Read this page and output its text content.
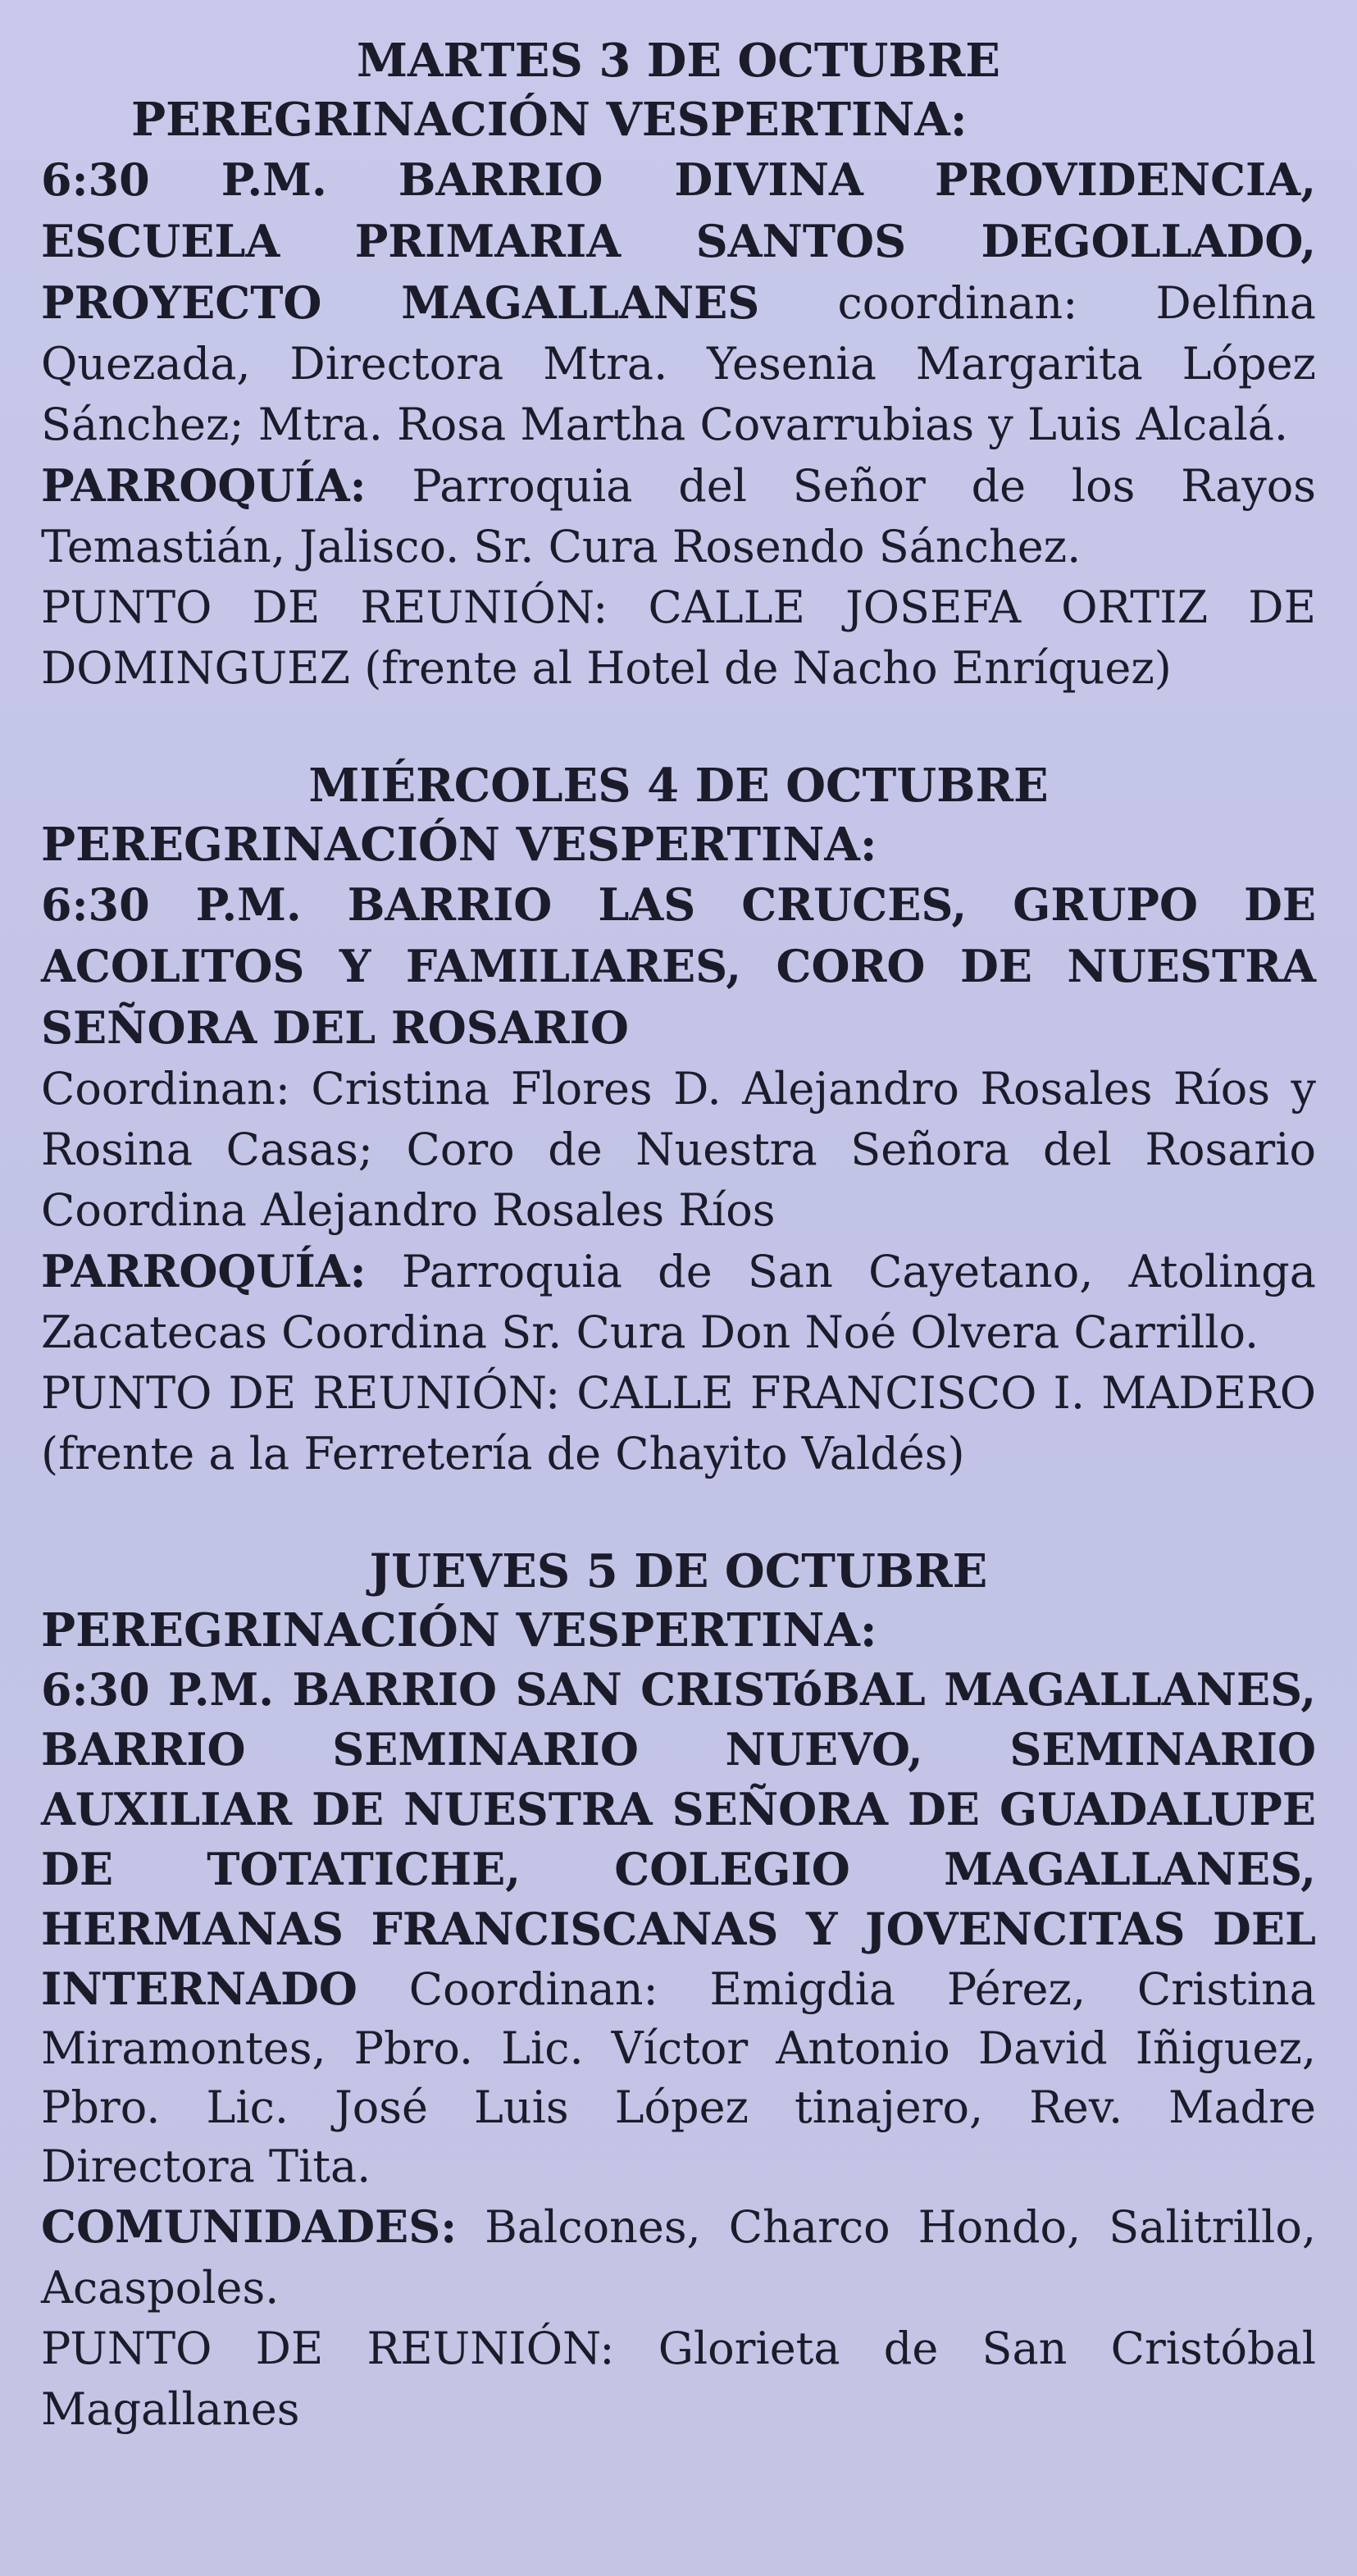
MARTES 3 DE OCTUBRE
PEREGRINACIÓN VESPERTINA:

6:30 P.M. BARRIO DIVINA PROVIDENCIA, ESCUELA PRIMARIA SANTOS DEGOLLADO, PROYECTO MAGALLANES coordinan: Delfina Quezada, Directora Mtra. Yesenia Margarita López Sánchez; Mtra. Rosa Martha Covarrubias y Luis Alcalá.

PARROQUÍA: Parroquia del Señor de los Rayos Temastián, Jalisco. Sr. Cura Rosendo Sánchez.

PUNTO DE REUNIÓN: CALLE JOSEFA ORTIZ DE DOMINGUEZ (frente al Hotel de Nacho Enríquez)

MIÉRCOLES 4 DE OCTUBRE
PEREGRINACIÓN VESPERTINA:

6:30 P.M. BARRIO LAS CRUCES, GRUPO DE ACOLITOS Y FAMILIARES, CORO DE NUESTRA SEÑORA DEL ROSARIO

Coordinan: Cristina Flores D. Alejandro Rosales Ríos y Rosina Casas; Coro de Nuestra Señora del Rosario Coordina Alejandro Rosales Ríos

PARROQUÍA: Parroquia de San Cayetano, Atolinga Zacatecas Coordina Sr. Cura Don Noé Olvera Carrillo.

PUNTO DE REUNIÓN: CALLE FRANCISCO I. MADERO (frente a la Ferretería de Chayito Valdés)

JUEVES 5 DE OCTUBRE
PEREGRINACIÓN VESPERTINA:

6:30 P.M. BARRIO SAN CRISTóBAL MAGALLANES, BARRIO SEMINARIO NUEVO, SEMINARIO AUXILIAR DE NUESTRA SEÑORA DE GUADALUPE DE TOTATICHE, COLEGIO MAGALLANES, HERMANAS FRANCISCANAS Y JOVENCITAS DEL INTERNADO Coordinan: Emigdia Pérez, Cristina Miramontes, Pbro. Lic. Víctor Antonio David Iñiguez, Pbro. Lic. José Luis López tinajero, Rev. Madre Directora Tita.

COMUNIDADES: Balcones, Charco Hondo, Salitrillo, Acaspoles.

PUNTO DE REUNIÓN: Glorieta de San Cristóbal Magallanes
